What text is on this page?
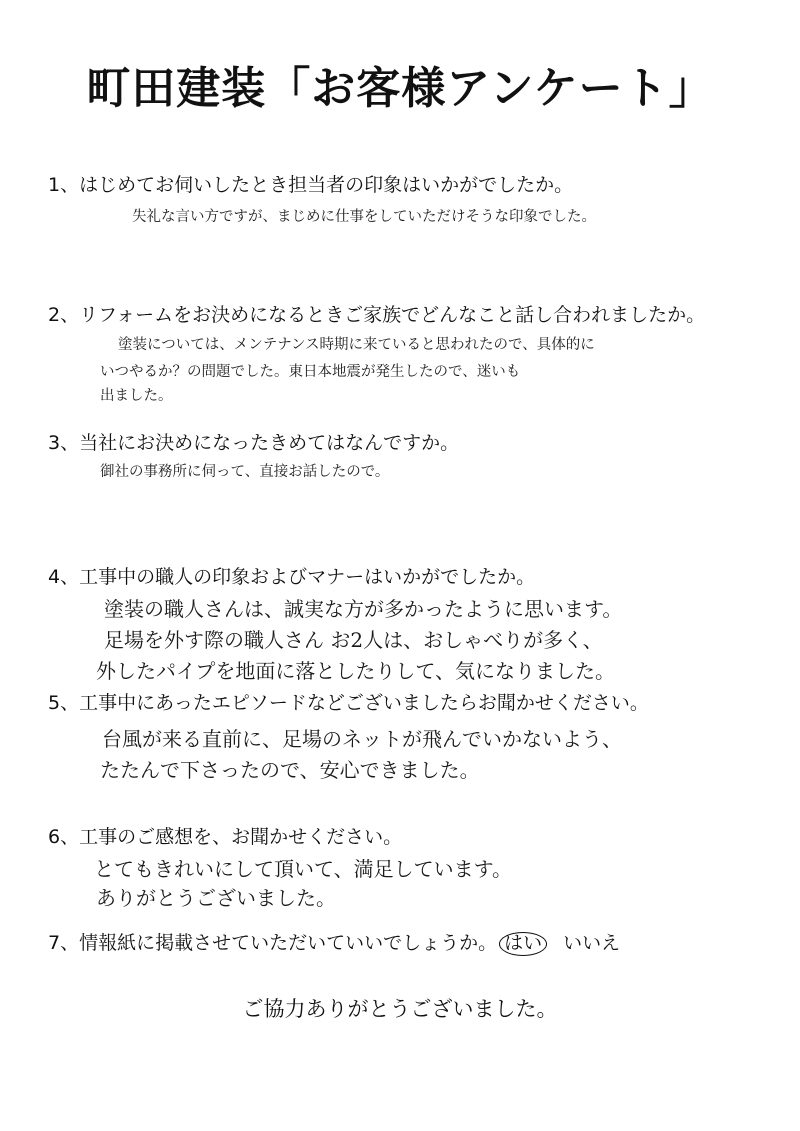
町田建装「お客様アンケート」
1、はじめてお伺いしたとき担当者の印象はいかがでしたか。
失礼な言い方ですが、まじめに仕事をしていただけそうな印象でした。
2、リフォームをお決めになるときご家族でどんなこと話し合われましたか。
塗装については、メンテナンス時期に来ていると思われたので、具体的に
いつやるか？の問題でした。東日本地震が発生したので、迷いも
出ました。
3、当社にお決めになったきめてはなんですか。
御社の事務所に伺って、直接お話したので。
4、工事中の職人の印象およびマナーはいかがでしたか。
塗装の職人さんは、誠実な方が多かったように思います。
足場を外す際の職人さん お2人は、おしゃべりが多く、
外したパイプを地面に落としたりして、気になりました。
5、工事中にあったエピソードなどございましたらお聞かせください。
台風が来る直前に、足場のネットが飛んでいかないよう、
たたんで下さったので、安心できました。
6、工事のご感想を、お聞かせください。
とてもきれいにして頂いて、満足しています。
ありがとうございました。
7、情報紙に掲載させていただいていいでしょうか。 はい いいえ
ご協力ありがとうございました。
